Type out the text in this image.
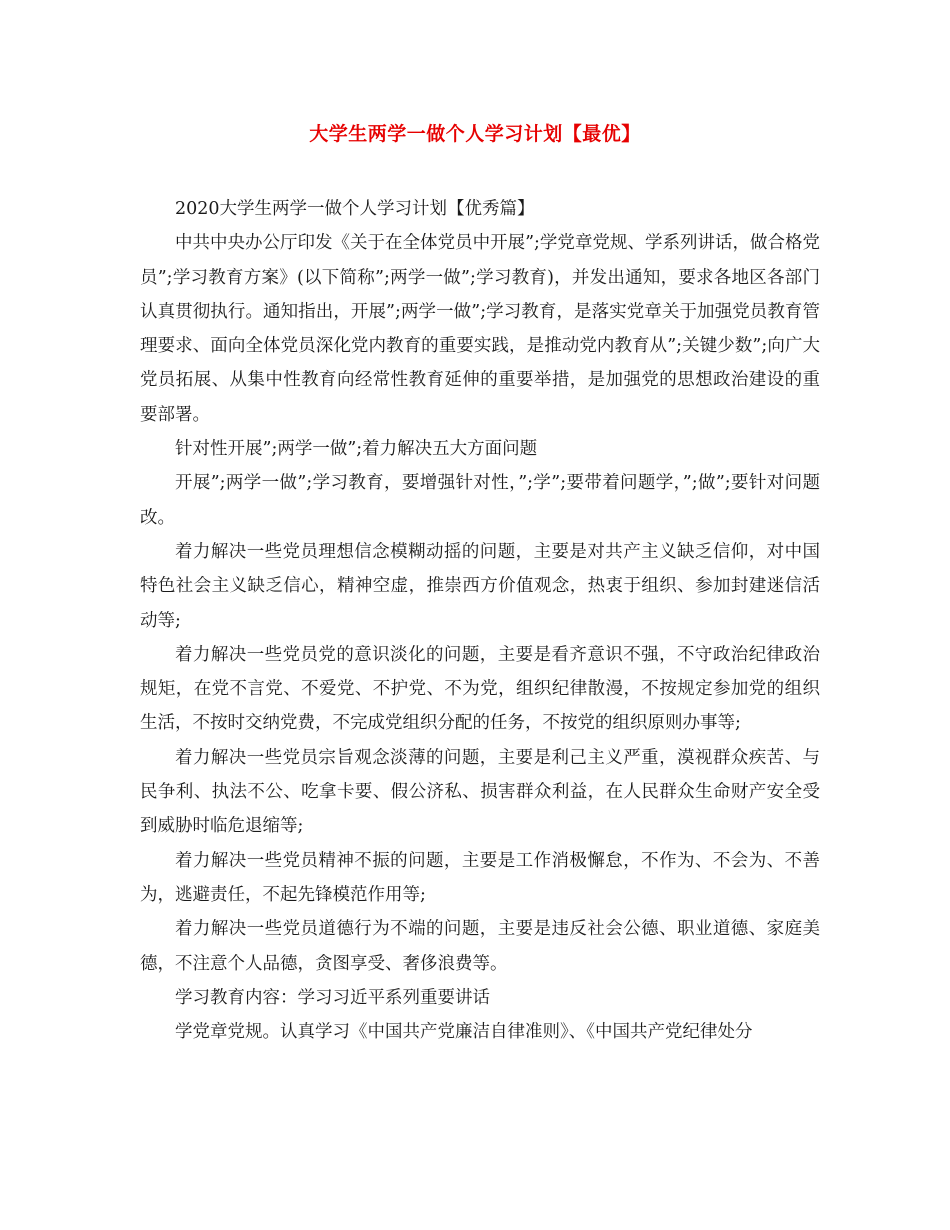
大学生两学一做个人学习计划【最优】

2020大学生两学一做个人学习计划【优秀篇】

中共中央办公厅印发《关于在全体党员中开展”;学党章党规、学系列讲话，做合格党员”;学习教育方案》(以下简称”;两学一做”;学习教育)，并发出通知，要求各地区各部门认真贯彻执行。通知指出，开展”;两学一做”;学习教育，是落实党章关于加强党员教育管理要求、面向全体党员深化党内教育的重要实践，是推动党内教育从”;关键少数”;向广大党员拓展、从集中性教育向经常性教育延伸的重要举措，是加强党的思想政治建设的重要部署。

针对性开展”;两学一做”;着力解决五大方面问题

开展”;两学一做”;学习教育，要增强针对性，”;学”;要带着问题学，”;做”;要针对问题改。

着力解决一些党员理想信念模糊动摇的问题，主要是对共产主义缺乏信仰，对中国特色社会主义缺乏信心，精神空虚，推崇西方价值观念，热衷于组织、参加封建迷信活动等;

着力解决一些党员党的意识淡化的问题，主要是看齐意识不强，不守政治纪律政治规矩，在党不言党、不爱党、不护党、不为党，组织纪律散漫，不按规定参加党的组织生活，不按时交纳党费，不完成党组织分配的任务，不按党的组织原则办事等;

着力解决一些党员宗旨观念淡薄的问题，主要是利己主义严重，漠视群众疾苦、与民争利、执法不公、吃拿卡要、假公济私、损害群众利益，在人民群众生命财产安全受到威胁时临危退缩等;

着力解决一些党员精神不振的问题，主要是工作消极懈怠，不作为、不会为、不善为，逃避责任，不起先锋模范作用等;

着力解决一些党员道德行为不端的问题，主要是违反社会公德、职业道德、家庭美德，不注意个人品德，贪图享受、奢侈浪费等。

学习教育内容：学习习近平系列重要讲话

学党章党规。认真学习《中国共产党廉洁自律准则》、《中国共产党纪律处分
